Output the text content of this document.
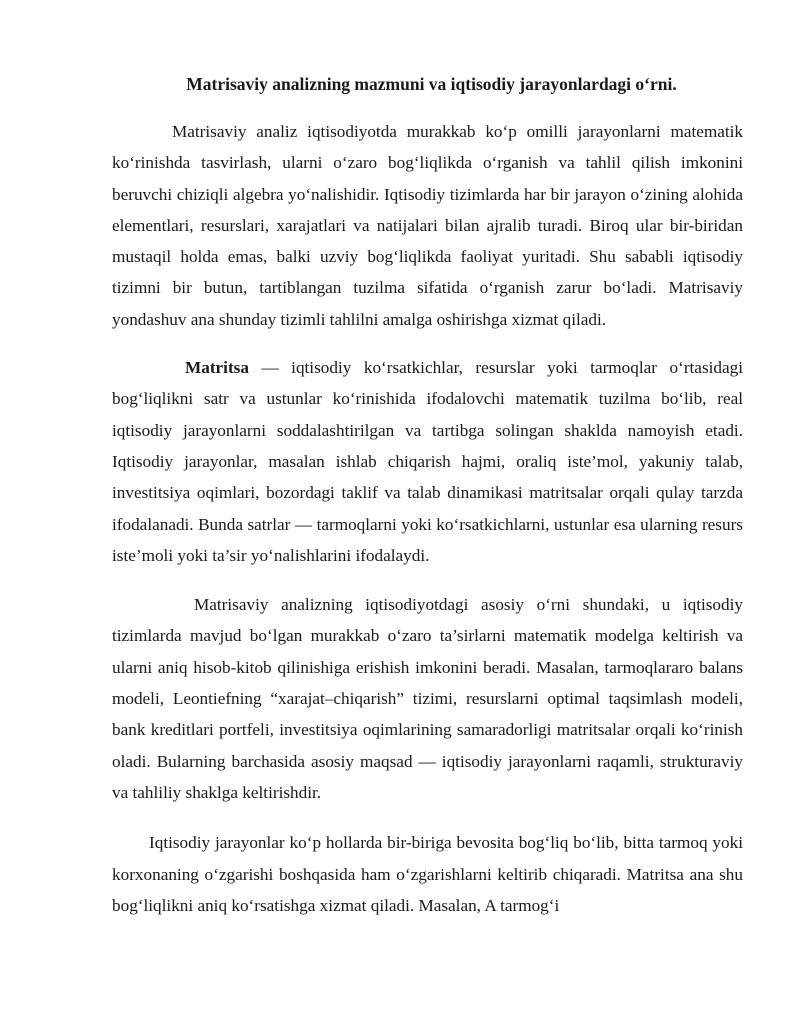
Matrisaviy analizning mazmuni va iqtisodiy jarayonlardagi o‘rni.

Matrisaviy analiz iqtisodiyotda murakkab ko‘p omilli jarayonlarni matematik ko‘rinishda tasvirlash, ularni o‘zaro bog‘liqlikda o‘rganish va tahlil qilish imkonini beruvchi chiziqli algebra yo‘nalishidir. Iqtisodiy tizimlarda har bir jarayon o‘zining alohida elementlari, resurslari, xarajatlari va natijalari bilan ajralib turadi. Biroq ular bir-biridan mustaqil holda emas, balki uzviy bog‘liqlikda faoliyat yuritadi. Shu sababli iqtisodiy tizimni bir butun, tartiblangan tuzilma sifatida o‘rganish zarur bo‘ladi. Matrisaviy yondashuv ana shunday tizimli tahlilni amalga oshirishga xizmat qiladi.

Matritsa — iqtisodiy ko‘rsatkichlar, resurslar yoki tarmoqlar o‘rtasidagi bog‘liqlikni satr va ustunlar ko‘rinishida ifodalovchi matematik tuzilma bo‘lib, real iqtisodiy jarayonlarni soddalashtirilgan va tartibga solingan shaklda namoyish etadi. Iqtisodiy jarayonlar, masalan ishlab chiqarish hajmi, oraliq iste’mol, yakuniy talab, investitsiya oqimlari, bozordagi taklif va talab dinamikasi matritsalar orqali qulay tarzda ifodalanadi. Bunda satrlar — tarmoqlarni yoki ko‘rsatkichlarni, ustunlar esa ularning resurs iste’moli yoki ta’sir yo‘nalishlarini ifodalaydi.

Matrisaviy analizning iqtisodiyotdagi asosiy o‘rni shundaki, u iqtisodiy tizimlarda mavjud bo‘lgan murakkab o‘zaro ta’sirlarni matematik modelga keltirish va ularni aniq hisob-kitob qilinishiga erishish imkonini beradi. Masalan, tarmoqlararo balans modeli, Leontiefning “xarajat–chiqarish” tizimi, resurslarni optimal taqsimlash modeli, bank kreditlari portfeli, investitsiya oqimlarining samaradorligi matritsalar orqali ko‘rinish oladi. Bularning barchasida asosiy maqsad — iqtisodiy jarayonlarni raqamli, strukturaviy va tahliliy shaklga keltirishdir.

Iqtisodiy jarayonlar ko‘p hollarda bir-biriga bevosita bog‘liq bo‘lib, bitta tarmoq yoki korxonaning o‘zgarishi boshqasida ham o‘zgarishlarni keltirib chiqaradi. Matritsa ana shu bog‘liqlikni aniq ko‘rsatishga xizmat qiladi. Masalan, A tarmog‘i
